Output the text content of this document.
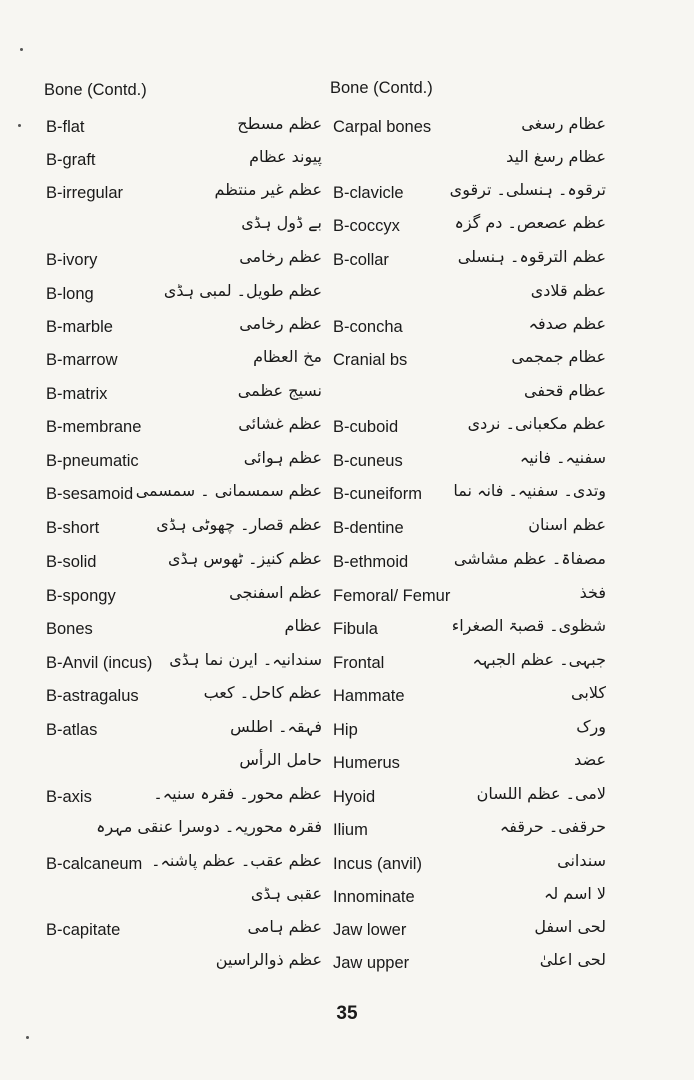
Bone (Contd.)	Bone (Contd.)
B-flat	عظم مسطح
B-graft	پیوند عظام
B-irregular	عظم غیر منتظم
بے ڈول ہڈی
B-ivory	عظم رخامی
B-long	عظم طویل۔ لمبی ہڈی
B-marble	عظم رخامی
B-marrow	مخ العظام
B-matrix	نسیج عظمی
B-membrane	عظم غشائی
B-pneumatic	عظم ہوائی
B-sesamoid عظم سمسمانی ۔ سمسمی
B-short	عظم قصار۔ چھوٹی ہڈی
B-solid	عظم کنیز۔ ٹھوس ہڈی
B-spongy	عظم اسفنجی
Bones	عظام
B-Anvil (incus) سندانیہ۔ ایرن نما ہڈی
B-astragalus	عظم کاحل۔ کعب
B-atlas	فہقہ۔ اطلس
حامل الرأس
B-axis	عظم محور۔ فقرہ سنیہ۔
فقرہ محوریہ۔ دوسرا عنقی مہرہ
B-calcaneum عظم عقب۔ عظم پاشنہ۔
عقبی ہڈی
B-capitate	عظم ہامی
عظم ذوالراسین
Carpal bones	عظام رسغی
عظام رسغ الید
B-clavicle	ترقوہ۔ ہنسلی۔ ترقوی
B-coccyx	عظم عصعص۔ دم گزہ
B-collar	عظم الترقوہ۔ ہنسلی
عظم قلادی
B-concha	عظم صدفہ
Cranial bs	عظام جمجمی
عظام قحفی
B-cuboid	عظم مکعبانی۔ نردی
B-cuneus	سفنیہ۔ فانیہ
B-cuneiform وتدی۔ سفنیہ۔ فانہ نما
B-dentine	عظم اسنان
B-ethmoid	مصفاۃ۔ عظم مشاشی
Femoral/ Femur	فخذ
Fibula	شظوی۔ قصبۃ الصغراء
Frontal	جبہی۔ عظم الجبہہ
Hammate	کلابی
Hip	ورک
Humerus	عضد
Hyoid	لامی۔ عظم اللسان
Ilium	حرقفی۔ حرقفہ
Incus (anvil)	سندانی
Innominate	لا اسم لہ
Jaw lower	لحی اسفل
Jaw upper	لحی اعلیٰ
35
